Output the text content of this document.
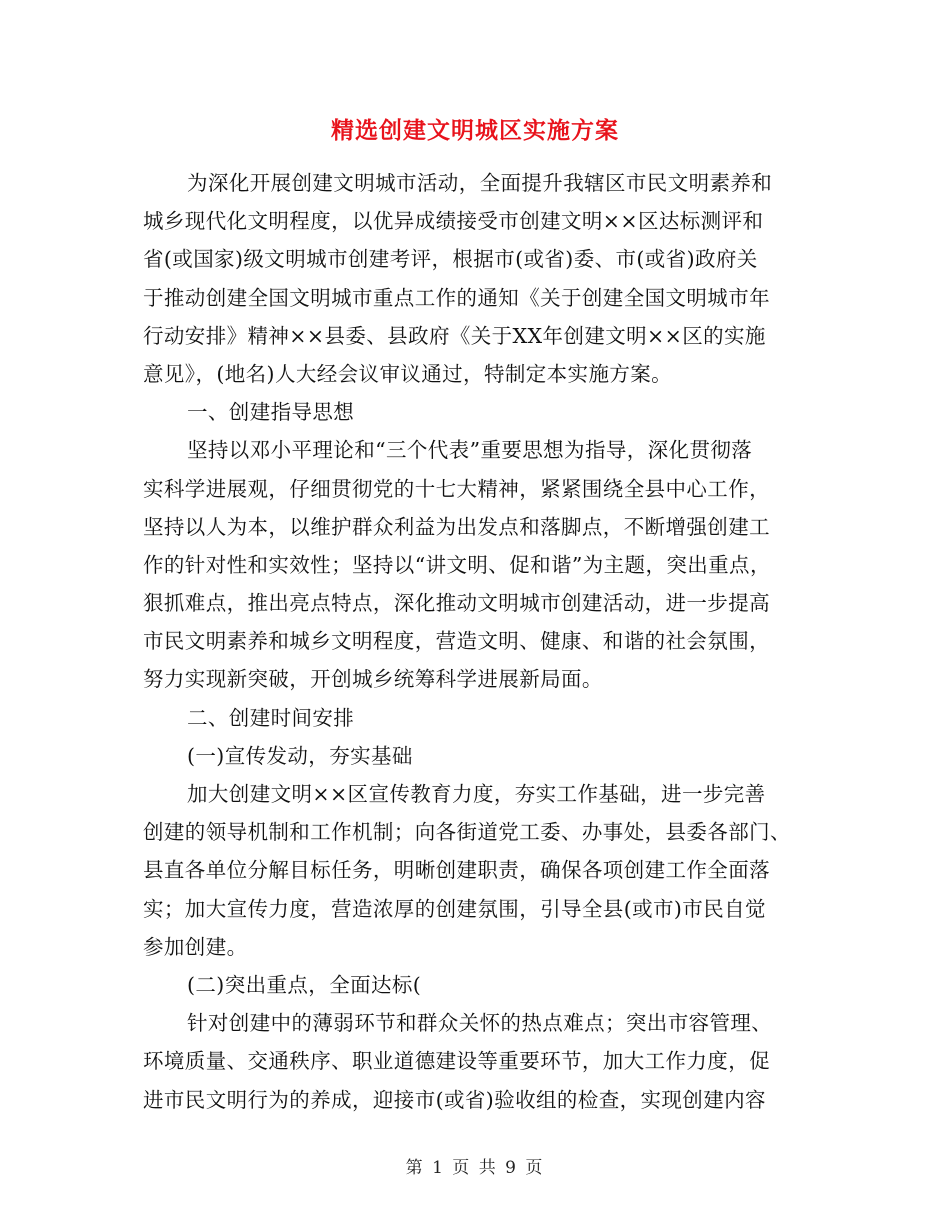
精选创建文明城区实施方案
为深化开展创建文明城市活动，全面提升我辖区市民文明素养和
城乡现代化文明程度，以优异成绩接受市创建文明××区达标测评和
省(或国家)级文明城市创建考评，根据市(或省)委、市(或省)政府关
于推动创建全国文明城市重点工作的通知《关于创建全国文明城市年
行动安排》精神××县委、县政府《关于XX年创建文明××区的实施
意见》，(地名)人大经会议审议通过，特制定本实施方案。
一、创建指导思想
坚持以邓小平理论和“三个代表”重要思想为指导，深化贯彻落
实科学进展观，仔细贯彻党的十七大精神，紧紧围绕全县中心工作，
坚持以人为本，以维护群众利益为出发点和落脚点，不断增强创建工
作的针对性和实效性；坚持以“讲文明、促和谐”为主题，突出重点，
狠抓难点，推出亮点特点，深化推动文明城市创建活动，进一步提高
市民文明素养和城乡文明程度，营造文明、健康、和谐的社会氛围，
努力实现新突破，开创城乡统筹科学进展新局面。
二、创建时间安排
(一)宣传发动，夯实基础
加大创建文明××区宣传教育力度，夯实工作基础，进一步完善
创建的领导机制和工作机制；向各街道党工委、办事处，县委各部门、
县直各单位分解目标任务，明晰创建职责，确保各项创建工作全面落
实；加大宣传力度，营造浓厚的创建氛围，引导全县(或市)市民自觉
参加创建。
(二)突出重点，全面达标(
针对创建中的薄弱环节和群众关怀的热点难点；突出市容管理、
环境质量、交通秩序、职业道德建设等重要环节，加大工作力度，促
进市民文明行为的养成，迎接市(或省)验收组的检查，实现创建内容
第 1 页 共 9 页
